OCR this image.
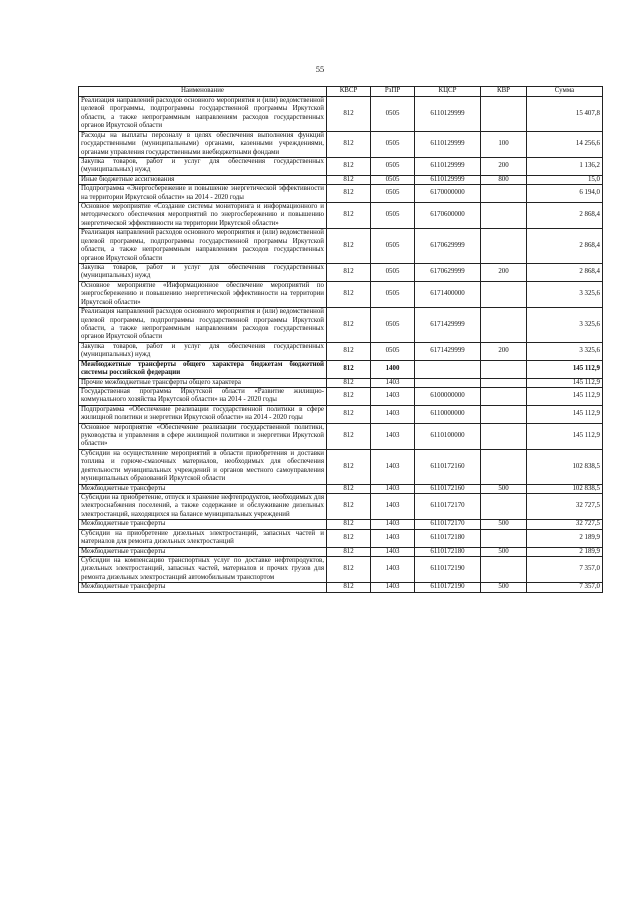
55
Наименование	КВСР	РзПР	КЦСР	КВР	Сумма
Реализация направлений расходов основного мероприятия и (или) ведомственной целевой программы, подпрограммы государственной программы Иркутской области, а также непрограммным направлениям расходов государственных органов Иркутской области	812	0505	6110129999		15 407,8
Расходы на выплаты персоналу в целях обеспечения выполнения функций государственными (муниципальными) органами, казенными учреждениями, органами управления государственными внебюджетными фондами	812	0505	6110129999	100	14 256,6
Закупка товаров, работ и услуг для обеспечения государственных (муниципальных) нужд	812	0505	6110129999	200	1 136,2
Иные бюджетные ассигнования	812	0505	6110129999	800	15,0
Подпрограмма «Энергосбережение и повышение энергетической эффективности на территории Иркутской области» на 2014 - 2020 годы	812	0505	6170000000		6 194,0
Основное мероприятие «Создание системы мониторинга и информационного и методического обеспечения мероприятий по энергосбережению и повышению энергетической эффективности на территории Иркутской области»	812	0505	6170600000		2 868,4
Реализация направлений расходов основного мероприятия и (или) ведомственной целевой программы, подпрограммы государственной программы Иркутской области, а также непрограммным направлениям расходов государственных органов Иркутской области	812	0505	6170629999		2 868,4
Закупка товаров, работ и услуг для обеспечения государственных (муниципальных) нужд	812	0505	6170629999	200	2 868,4
Основное мероприятие «Информационное обеспечение мероприятий по энергосбережению и повышению энергетической эффективности на территории Иркутской области»	812	0505	6171400000		3 325,6
Реализация направлений расходов основного мероприятия и (или) ведомственной целевой программы, подпрограммы государственной программы Иркутской области, а также непрограммным направлениям расходов государственных органов Иркутской области	812	0505	6171429999		3 325,6
Закупка товаров, работ и услуг для обеспечения государственных (муниципальных) нужд	812	0505	6171429999	200	3 325,6
Межбюджетные трансферты общего характера бюджетам бюджетной системы российской федерации	812	1400			145 112,9
Прочие межбюджетные трансферты общего характера	812	1403			145 112,9
Государственная программа Иркутской области «Развитие жилищно-коммунального хозяйства Иркутской области» на 2014 - 2020 годы	812	1403	6100000000		145 112,9
Подпрограмма «Обеспечение реализации государственной политики в сфере жилищной политики и энергетики Иркутской области» на 2014 - 2020 годы	812	1403	6110000000		145 112,9
Основное мероприятие «Обеспечение реализации государственной политики, руководства и управления в сфере жилищной политики и энергетики Иркутской области»	812	1403	6110100000		145 112,9
Субсидии на осуществление мероприятий в области приобретения и доставки топлива и горюче-смазочных материалов, необходимых для обеспечения деятельности муниципальных учреждений и органов местного самоуправления муниципальных образований Иркутской области	812	1403	6110172160		102 838,5
Межбюджетные трансферты	812	1403	6110172160	500	102 838,5
Субсидии на приобретение, отпуск и хранение нефтепродуктов, необходимых для электроснабжения поселений, а также содержание и обслуживание дизельных электростанций, находящихся на балансе муниципальных учреждений	812	1403	6110172170		32 727,5
Межбюджетные трансферты	812	1403	6110172170	500	32 727,5
Субсидии на приобретение дизельных электростанций, запасных частей и материалов для ремонта дизельных электростанций	812	1403	6110172180		2 189,9
Межбюджетные трансферты	812	1403	6110172180	500	2 189,9
Субсидии на компенсацию транспортных услуг по доставке нефтепродуктов, дизельных электростанций, запасных частей, материалов и прочих грузов для ремонта дизельных электростанций автомобильным транспортом	812	1403	6110172190		7 357,0
Межбюджетные трансферты	812	1403	6110172190	500	7 357,0
